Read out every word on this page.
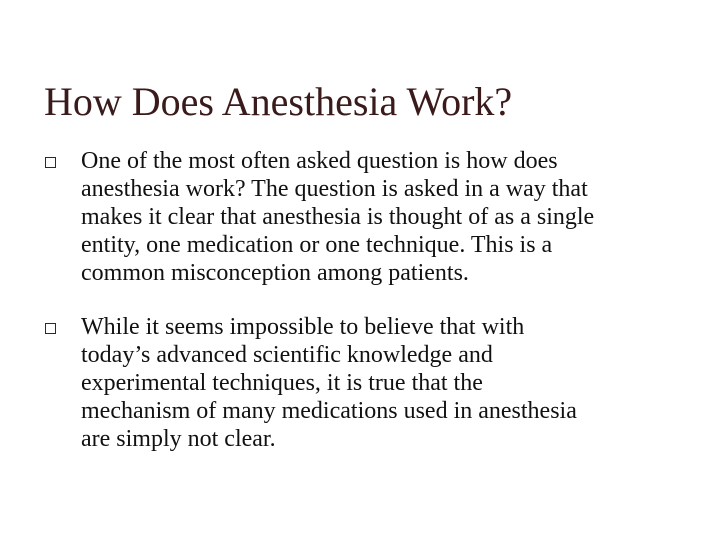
How Does Anesthesia Work?
One of the most often asked question is how does
anesthesia work? The question is asked in a way that
makes it clear that anesthesia is thought of as a single
entity, one medication or one technique. This is a
common misconception among patients.
While it seems impossible to believe that with
today’s advanced scientific knowledge and
experimental techniques, it is true that the
mechanism of many medications used in anesthesia
are simply not clear.
